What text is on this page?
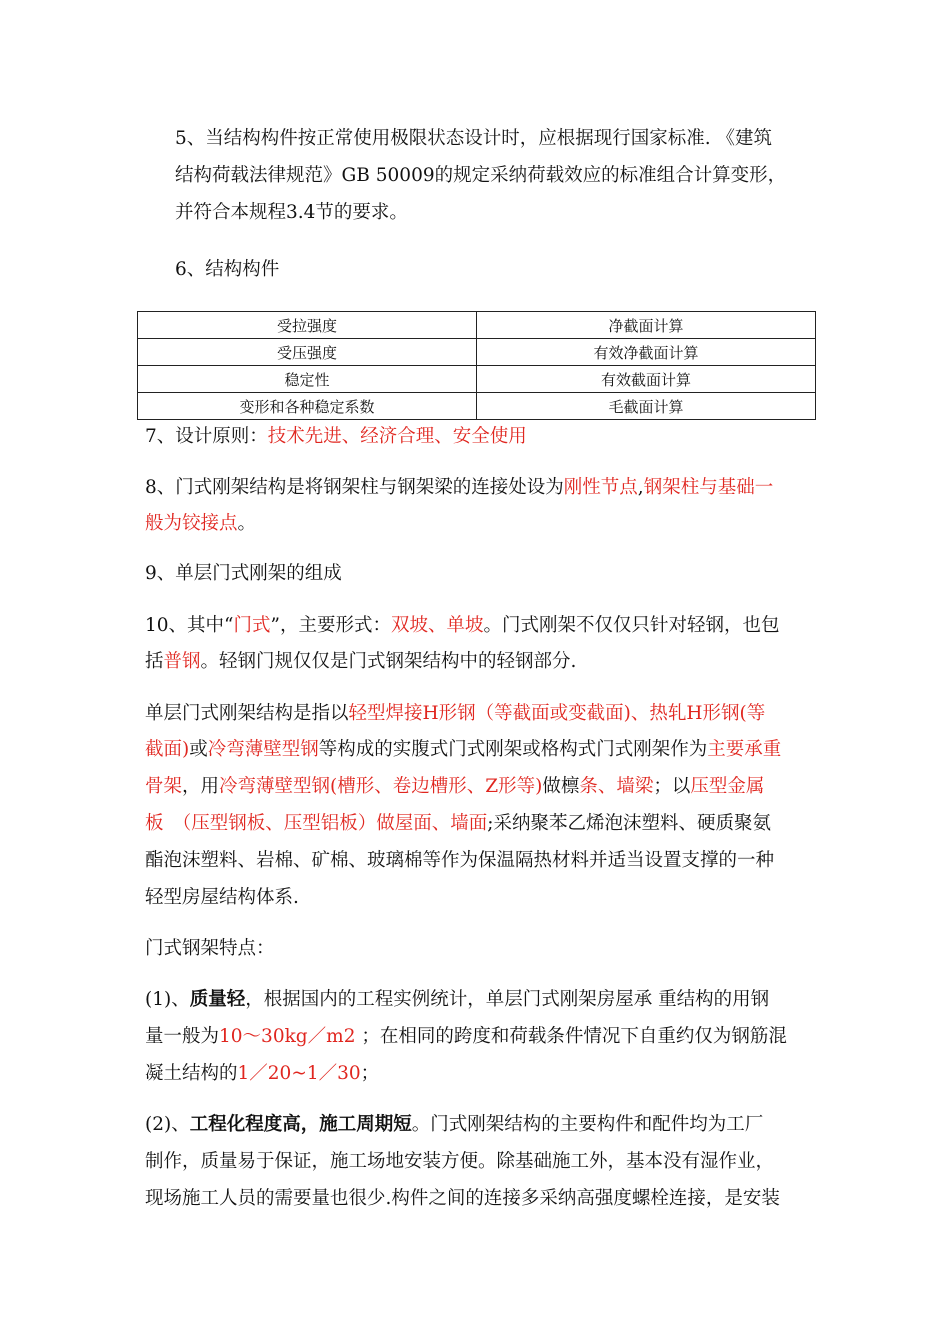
5、当结构构件按正常使用极限状态设计时，应根据现行国家标准. 《建筑
结构荷载法律规范》GB 50009的规定采纳荷载效应的标准组合计算变形，
并符合本规程3.4节的要求。
6、结构构件
受拉强度	净截面计算
受压强度	有效净截面计算
稳定性	有效截面计算
变形和各种稳定系数	毛截面计算
7、设计原则：技术先进、经济合理、安全使用
8、门式刚架结构是将钢架柱与钢架梁的连接处设为刚性节点,钢架柱与基础一
般为铰接点。
9、单层门式刚架的组成
10、其中“门式”，主要形式：双坡、单坡。门式刚架不仅仅只针对轻钢，也包
括普钢。轻钢门规仅仅是门式钢架结构中的轻钢部分.
单层门式刚架结构是指以轻型焊接H形钢（等截面或变截面)、热轧H形钢(等
截面)或冷弯薄壁型钢等构成的实腹式门式刚架或格构式门式刚架作为主要承重
骨架，用冷弯薄壁型钢(槽形、卷边槽形、Z形等)做檩条、墙梁；以压型金属
板　（压型钢板、压型铝板）做屋面、墙面;采纳聚苯乙烯泡沫塑料、硬质聚氨
酯泡沫塑料、岩棉、矿棉、玻璃棉等作为保温隔热材料并适当设置支撑的一种
轻型房屋结构体系.
门式钢架特点：
(1)、质量轻，根据国内的工程实例统计，单层门式刚架房屋承 重结构的用钢
量一般为10～30kg／m2 ；在相同的跨度和荷载条件情况下自重约仅为钢筋混
凝土结构的1／20~1／30；
(2)、工程化程度高，施工周期短。门式刚架结构的主要构件和配件均为工厂
制作，质量易于保证，施工场地安装方便。除基础施工外，基本没有湿作业，
现场施工人员的需要量也很少.构件之间的连接多采纳高强度螺栓连接，是安装
